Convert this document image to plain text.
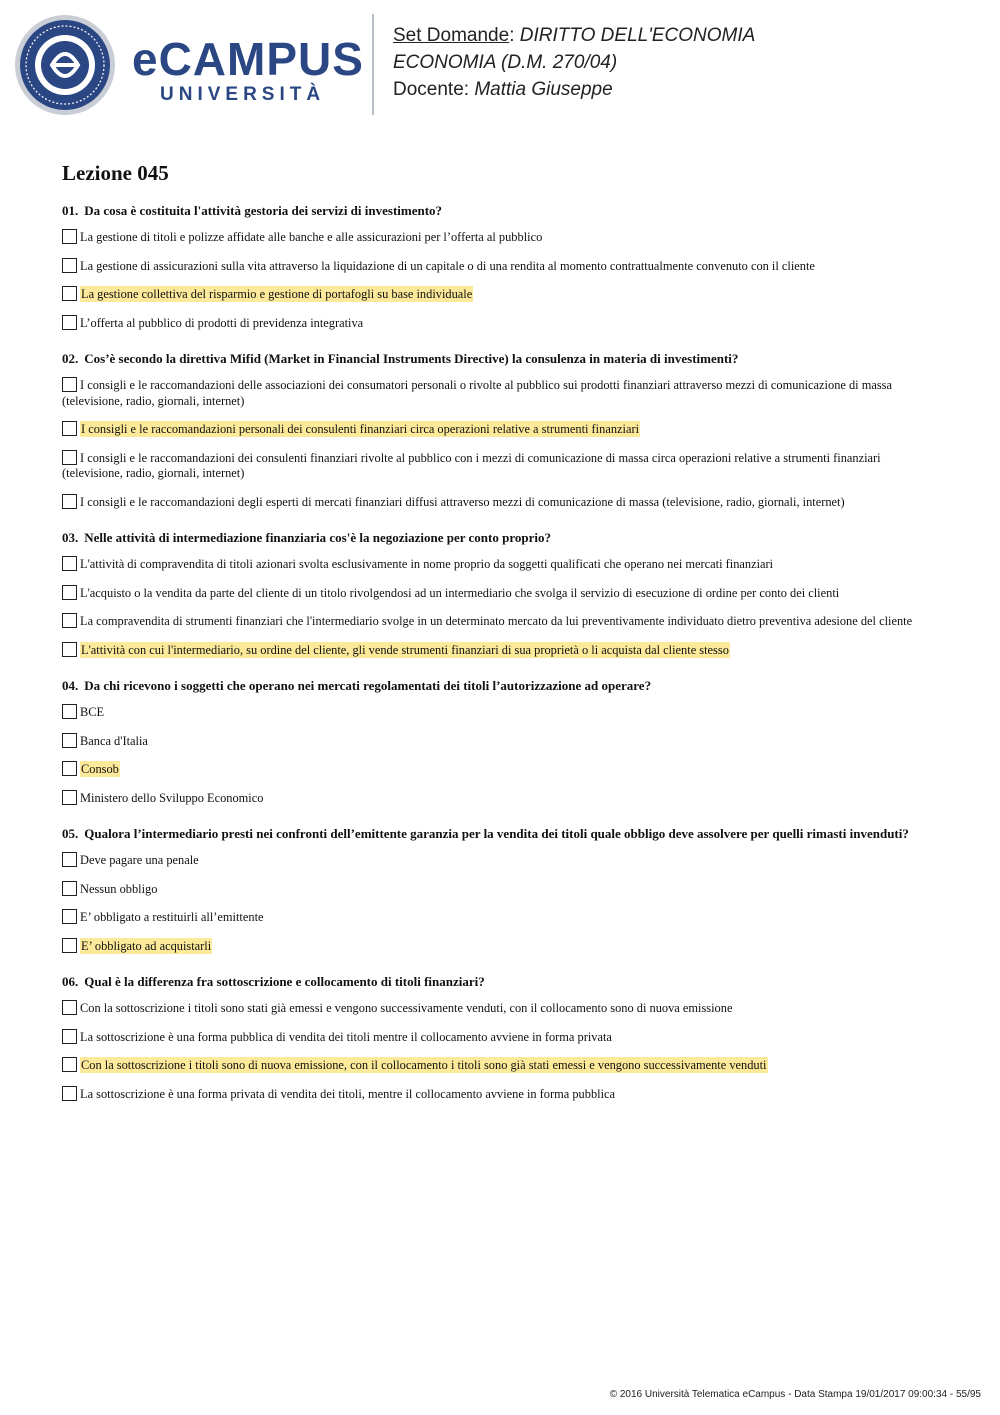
eCAMPUS
UNIVERSITÀ
Set Domande: DIRITTO DELL'ECONOMIA
ECONOMIA (D.M. 270/04)
Docente: Mattia Giuseppe
Lezione 045
01. Da cosa è costituita l'attività gestoria dei servizi di investimento?
La gestione di titoli e polizze affidate alle banche e alle assicurazioni per l’offerta al pubblico
La gestione di assicurazioni sulla vita attraverso la liquidazione di un capitale o di una rendita al momento contrattualmente convenuto con il cliente
La gestione collettiva del risparmio e gestione di portafogli su base individuale
L’offerta al pubblico di prodotti di previdenza integrativa
02. Cos’è secondo la direttiva Mifid (Market in Financial Instruments Directive) la consulenza in materia di investimenti?
I consigli e le raccomandazioni delle associazioni dei consumatori personali o rivolte al pubblico sui prodotti finanziari attraverso mezzi di comunicazione di massa (televisione, radio, giornali, internet)
I consigli e le raccomandazioni personali dei consulenti finanziari circa operazioni relative a strumenti finanziari
I consigli e le raccomandazioni dei consulenti finanziari rivolte al pubblico con i mezzi di comunicazione di massa circa operazioni relative a strumenti finanziari (televisione, radio, giornali, internet)
I consigli e le raccomandazioni degli esperti di mercati finanziari diffusi attraverso mezzi di comunicazione di massa (televisione, radio, giornali, internet)
03. Nelle attività di intermediazione finanziaria cos'è la negoziazione per conto proprio?
L'attività di compravendita di titoli azionari svolta esclusivamente in nome proprio da soggetti qualificati che operano nei mercati finanziari
L'acquisto o la vendita da parte del cliente di un titolo rivolgendosi ad un intermediario che svolga il servizio di esecuzione di ordine per conto dei clienti
La compravendita di strumenti finanziari che l'intermediario svolge in un determinato mercato da lui preventivamente individuato dietro preventiva adesione del cliente
L'attività con cui l'intermediario, su ordine del cliente, gli vende strumenti finanziari di sua proprietà o li acquista dal cliente stesso
04. Da chi ricevono i soggetti che operano nei mercati regolamentati dei titoli l’autorizzazione ad operare?
BCE
Banca d'Italia
Consob
Ministero dello Sviluppo Economico
05. Qualora l’intermediario presti nei confronti dell’emittente garanzia per la vendita dei titoli quale obbligo deve assolvere per quelli rimasti invenduti?
Deve pagare una penale
Nessun obbligo
E’ obbligato a restituirli all’emittente
E’ obbligato ad acquistarli
06. Qual è la differenza fra sottoscrizione e collocamento di titoli finanziari?
Con la sottoscrizione i titoli sono stati già emessi e vengono successivamente venduti, con il collocamento sono di nuova emissione
La sottoscrizione è una forma pubblica di vendita dei titoli mentre il collocamento avviene in forma privata
Con la sottoscrizione i titoli sono di nuova emissione, con il collocamento i titoli sono già stati emessi e vengono successivamente venduti
La sottoscrizione è una forma privata di vendita dei titoli, mentre il collocamento avviene in forma pubblica
© 2016 Università Telematica eCampus - Data Stampa 19/01/2017 09:00:34 - 55/95
